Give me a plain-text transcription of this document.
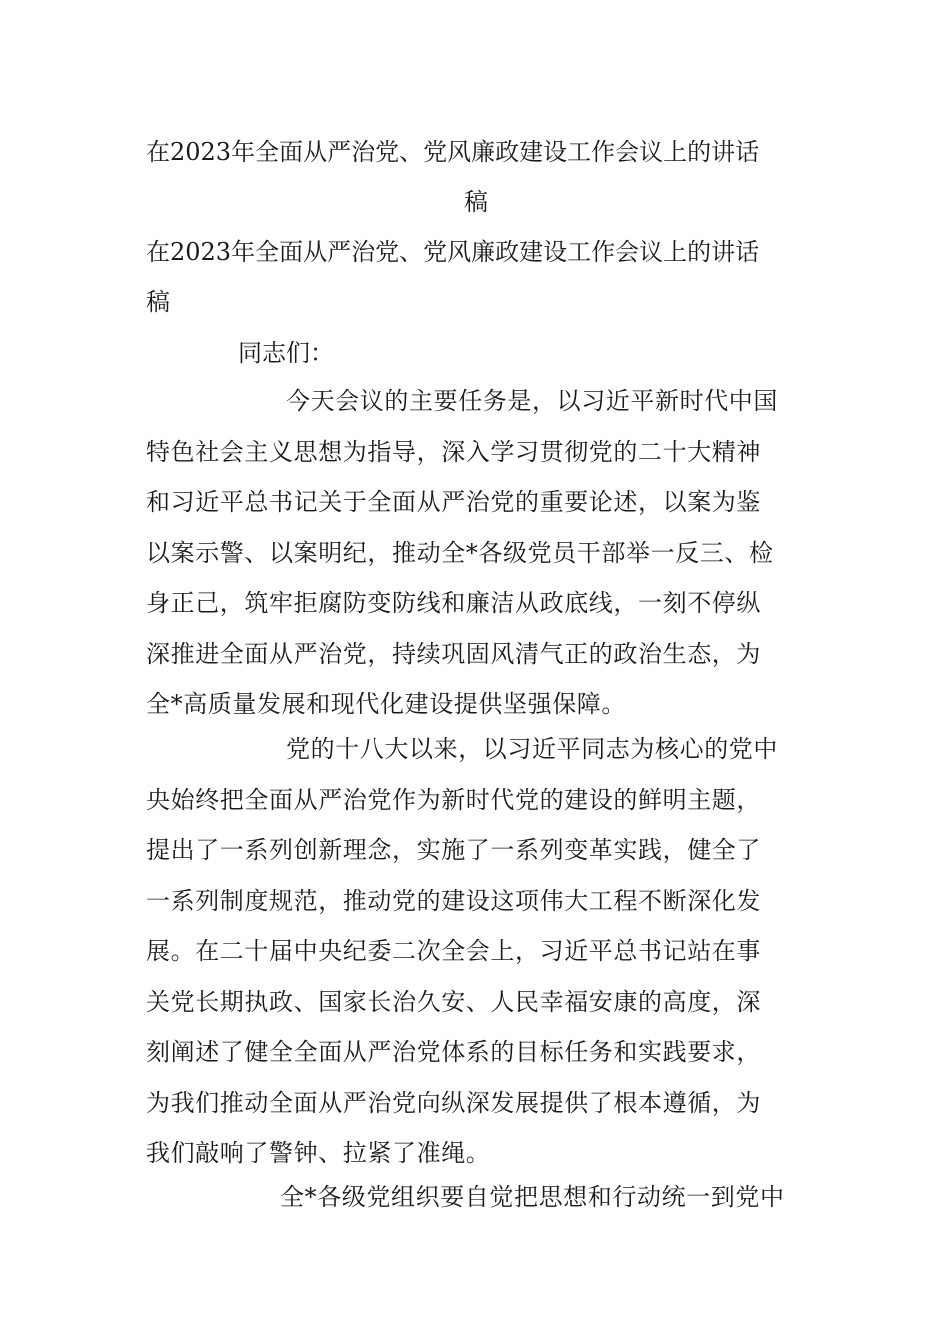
在2023年全面从严治党、党风廉政建设工作会议上的讲话
稿
在2023年全面从严治党、党风廉政建设工作会议上的讲话
稿
同志们：
今天会议的主要任务是，以习近平新时代中国
特色社会主义思想为指导，深入学习贯彻党的二十大精神
和习近平总书记关于全面从严治党的重要论述，以案为鉴
以案示警、以案明纪，推动全*各级党员干部举一反三、检
身正己，筑牢拒腐防变防线和廉洁从政底线，一刻不停纵
深推进全面从严治党，持续巩固风清气正的政治生态，为
全*高质量发展和现代化建设提供坚强保障。
党的十八大以来，以习近平同志为核心的党中
央始终把全面从严治党作为新时代党的建设的鲜明主题，
提出了一系列创新理念，实施了一系列变革实践，健全了
一系列制度规范，推动党的建设这项伟大工程不断深化发
展。在二十届中央纪委二次全会上，习近平总书记站在事
关党长期执政、国家长治久安、人民幸福安康的高度，深
刻阐述了健全全面从严治党体系的目标任务和实践要求，
为我们推动全面从严治党向纵深发展提供了根本遵循，为
我们敲响了警钟、拉紧了准绳。
全*各级党组织要自觉把思想和行动统一到党中
